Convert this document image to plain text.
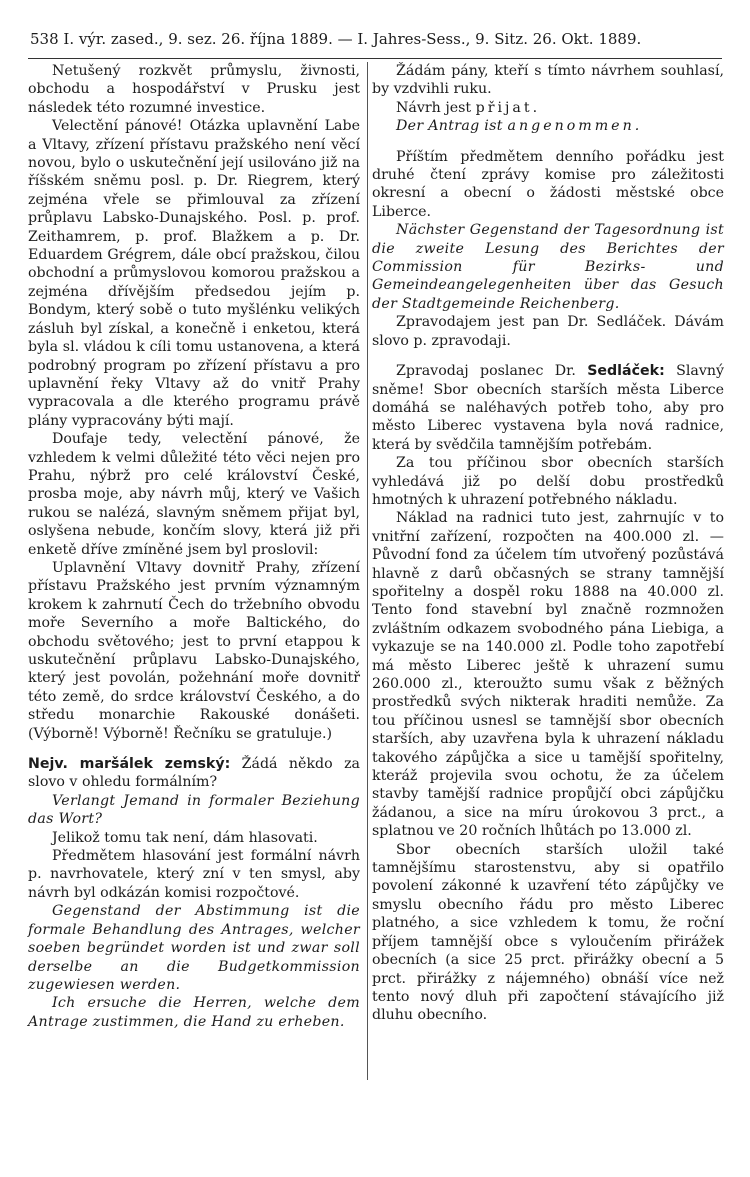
538 I. výr. zased., 9. sez. 26. října 1889. — I. Jahres-Sess., 9. Sitz. 26. Okt. 1889.

Netušený rozkvět průmyslu, živnosti, obchodu a hospodářství v Prusku jest následek této rozumné investice.

Velectění pánové! Otázka uplavnění Labe a Vltavy, zřízení přístavu pražského není věcí novou, bylo o uskutečnění její usilováno již na říšském sněmu posl. p. Dr. Riegrem, který zejména vřele se přimlouval za zřízení průplavu Labsko-Dunajského. Posl. p. prof. Zeithamrem, p. prof. Blažkem a p. Dr. Eduardem Grégrem, dále obcí pražskou, čilou obchodní a průmyslovou komorou pražskou a zejména dřívějším předsedou jejím p. Bondym, který sobě o tuto myšlénku velikých zásluh byl získal, a konečně i enketou, která byla sl. vládou k cíli tomu ustanovena, a která podrobný program po zřízení přístavu a pro uplavnění řeky Vltavy až do vnitř Prahy vypracovala a dle kterého programu právě plány vypracovány býti mají.

Doufaje tedy, velectění pánové, že vzhledem k velmi důležité této věci nejen pro Prahu, nýbrž pro celé království České, prosba moje, aby návrh můj, který ve Vašich rukou se nalézá, slavným sněmem přijat byl, oslyšena nebude, končím slovy, která již při enketě dříve zmíněné jsem byl proslovil:

Uplavnění Vltavy dovnitř Prahy, zřízení přístavu Pražského jest prvním významným krokem k zahrnutí Čech do tržebního obvodu moře Severního a moře Baltického, do obchodu světového; jest to první etappou k uskutečnění průplavu Labsko-Dunajského, který jest povolán, požehnání moře dovnitř této země, do srdce království Českého, a do středu monarchie Rakouské donášeti. (Výborně! Výborně! Řečníku se gratuluje.)

Nejv. maršálek zemský: Žádá někdo za slovo v ohledu formálním?

Verlangt Jemand in formaler Beziehung das Wort?

Jelikož tomu tak není, dám hlasovati.

Předmětem hlasování jest formální návrh p. navrhovatele, který zní v ten smysl, aby návrh byl odkázán komisi rozpočtové.

Gegenstand der Abstimmung ist die formale Behandlung des Antrages, welcher soeben begründet worden ist und zwar soll derselbe an die Budgetkommission zugewiesen werden.

Ich ersuche die Herren, welche dem Antrage zustimmen, die Hand zu erheben.

Žádám pány, kteří s tímto návrhem souhlasí, by vzdvihli ruku.

Návrh jest přijat.

Der Antrag ist angenommen.

Příštím předmětem denního pořádku jest druhé čtení zprávy komise pro záležitosti okresní a obecní o žádosti městské obce Liberce.

Nächster Gegenstand der Tagesordnung ist die zweite Lesung des Berichtes der Commission für Bezirks- und Gemeindeangelegenheiten über das Gesuch der Stadtgemeinde Reichenberg.

Zpravodajem jest pan Dr. Sedláček. Dávám slovo p. zpravodaji.

Zpravodaj poslanec Dr. Sedláček: Slavný sněme! Sbor obecních starších města Liberce domáhá se naléhavých potřeb toho, aby pro město Liberec vystavena byla nová radnice, která by svědčila tamnějším potřebám.

Za tou příčinou sbor obecních starších vyhledává již po delší dobu prostředků hmotných k uhrazení potřebného nákladu.

Náklad na radnici tuto jest, zahrnujíc v to vnitřní zařízení, rozpočten na 400.000 zl. — Původní fond za účelem tím utvořený pozůstává hlavně z darů občasných se strany tamnější spořitelny a dospěl roku 1888 na 40.000 zl. Tento fond stavební byl značně rozmnožen zvláštním odkazem svobodného pána Liebiga, a vykazuje se na 140.000 zl. Podle toho zapotřebí má město Liberec ještě k uhrazení sumu 260.000 zl., kteroužto sumu však z běžných prostředků svých nikterak hraditi nemůže. Za tou příčinou usnesl se tamnější sbor obecních starších, aby uzavřena byla k uhrazení nákladu takového zápůjčka a sice u tamější spořitelny, kteráž projevila svou ochotu, že za účelem stavby tamější radnice propůjčí obci zápůjčku žádanou, a sice na míru úrokovou 3 prct., a splatnou ve 20 ročních lhůtách po 13.000 zl.

Sbor obecních starších uložil také tamnějšímu starostenstvu, aby si opatřilo povolení zákonné k uzavření této zápůjčky ve smyslu obecního řádu pro město Liberec platného, a sice vzhledem k tomu, že roční příjem tamnější obce s vyloučením přirážek obecních (a sice 25 prct. přirážky obecní a 5 prct. přirážky z nájemného) obnáší více než tento nový dluh při započtení stávajícího již dluhu obecního.
